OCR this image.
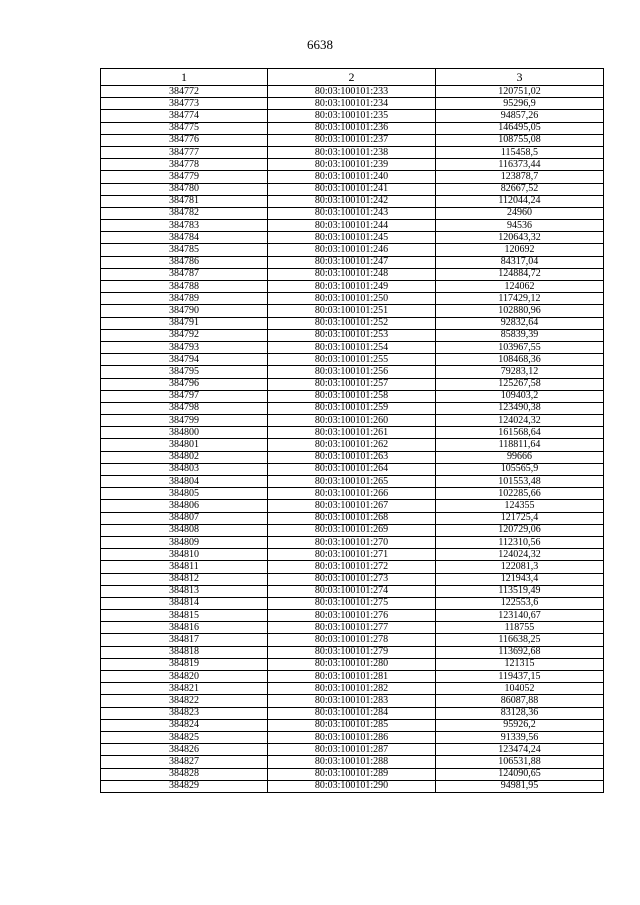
6638
1	2	3
384772	80:03:100101:233	120751,02
384773	80:03:100101:234	95296,9
384774	80:03:100101:235	94857,26
384775	80:03:100101:236	146495,05
384776	80:03:100101:237	108755,08
384777	80:03:100101:238	115458,5
384778	80:03:100101:239	116373,44
384779	80:03:100101:240	123878,7
384780	80:03:100101:241	82667,52
384781	80:03:100101:242	112044,24
384782	80:03:100101:243	24960
384783	80:03:100101:244	94536
384784	80:03:100101:245	120643,32
384785	80:03:100101:246	120692
384786	80:03:100101:247	84317,04
384787	80:03:100101:248	124884,72
384788	80:03:100101:249	124062
384789	80:03:100101:250	117429,12
384790	80:03:100101:251	102880,96
384791	80:03:100101:252	92832,64
384792	80:03:100101:253	85839,39
384793	80:03:100101:254	103967,55
384794	80:03:100101:255	108468,36
384795	80:03:100101:256	79283,12
384796	80:03:100101:257	125267,58
384797	80:03:100101:258	109403,2
384798	80:03:100101:259	123490,38
384799	80:03:100101:260	124024,32
384800	80:03:100101:261	161568,64
384801	80:03:100101:262	118811,64
384802	80:03:100101:263	99666
384803	80:03:100101:264	105565,9
384804	80:03:100101:265	101553,48
384805	80:03:100101:266	102285,66
384806	80:03:100101:267	124355
384807	80:03:100101:268	121725,4
384808	80:03:100101:269	120729,06
384809	80:03:100101:270	112310,56
384810	80:03:100101:271	124024,32
384811	80:03:100101:272	122081,3
384812	80:03:100101:273	121943,4
384813	80:03:100101:274	113519,49
384814	80:03:100101:275	122553,6
384815	80:03:100101:276	123140,67
384816	80:03:100101:277	118755
384817	80:03:100101:278	116638,25
384818	80:03:100101:279	113692,68
384819	80:03:100101:280	121315
384820	80:03:100101:281	119437,15
384821	80:03:100101:282	104052
384822	80:03:100101:283	86087,88
384823	80:03:100101:284	83128,36
384824	80:03:100101:285	95926,2
384825	80:03:100101:286	91339,56
384826	80:03:100101:287	123474,24
384827	80:03:100101:288	106531,88
384828	80:03:100101:289	124090,65
384829	80:03:100101:290	94981,95
